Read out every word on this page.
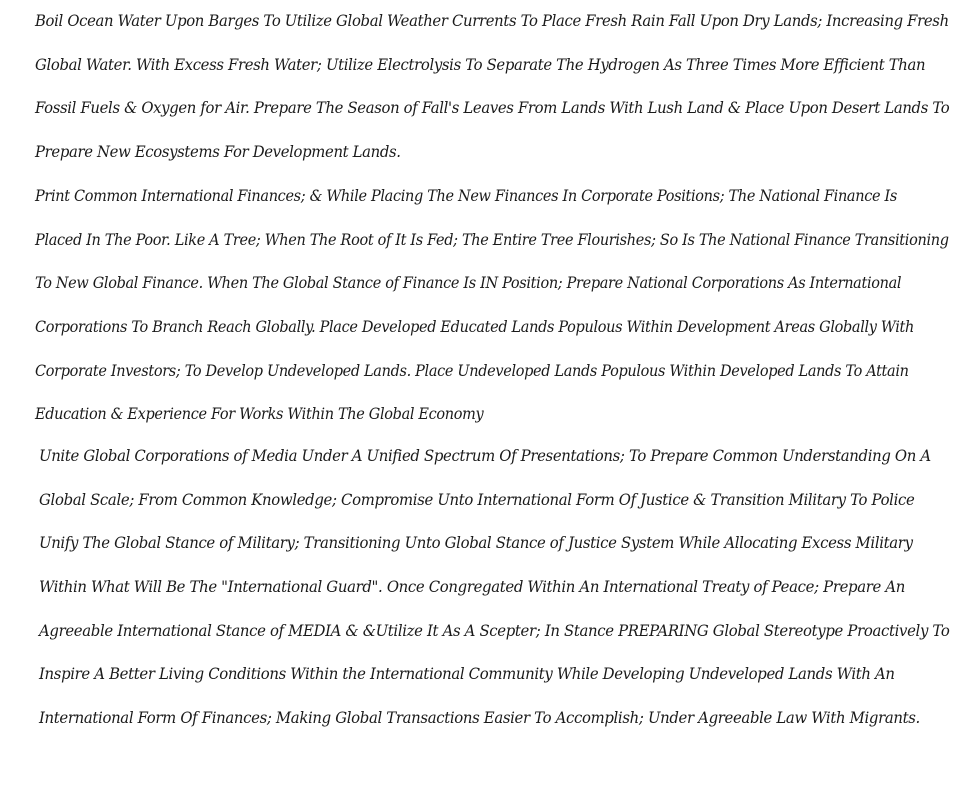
Boil Ocean Water Upon Barges To Utilize Global Weather Currents To Place Fresh Rain Fall Upon Dry Lands; Increasing Fresh
Global Water. With Excess Fresh Water; Utilize Electrolysis To Separate The Hydrogen As Three Times More Efficient Than
Fossil Fuels & Oxygen for Air. Prepare The Season of Fall's Leaves From Lands With Lush Land & Place Upon Desert Lands To
Prepare New Ecosystems For Development Lands.
Print Common International Finances; & While Placing The New Finances In Corporate Positions; The National Finance Is
Placed In The Poor. Like A Tree; When The Root of It Is Fed; The Entire Tree Flourishes; So Is The National Finance Transitioning
To New Global Finance. When The Global Stance of Finance Is IN Position; Prepare National Corporations As International
Corporations To Branch Reach Globally. Place Developed Educated Lands Populous Within Development Areas Globally With
Corporate Investors; To Develop Undeveloped Lands. Place Undeveloped Lands Populous Within Developed Lands To Attain
Education & Experience For Works Within The Global Economy
Unite Global Corporations of Media Under A Unified Spectrum Of Presentations; To Prepare Common Understanding On A
Global Scale; From Common Knowledge; Compromise Unto International Form Of Justice & Transition Military To Police
Unify The Global Stance of Military; Transitioning Unto Global Stance of Justice System While Allocating Excess Military
Within What Will Be The "International Guard". Once Congregated Within An International Treaty of Peace; Prepare An
Agreeable International Stance of MEDIA & &Utilize It As A Scepter; In Stance PREPARING Global Stereotype Proactively To
Inspire A Better Living Conditions Within the International Community While Developing Undeveloped Lands With An
International Form Of Finances; Making Global Transactions Easier To Accomplish; Under Agreeable Law With Migrants.
